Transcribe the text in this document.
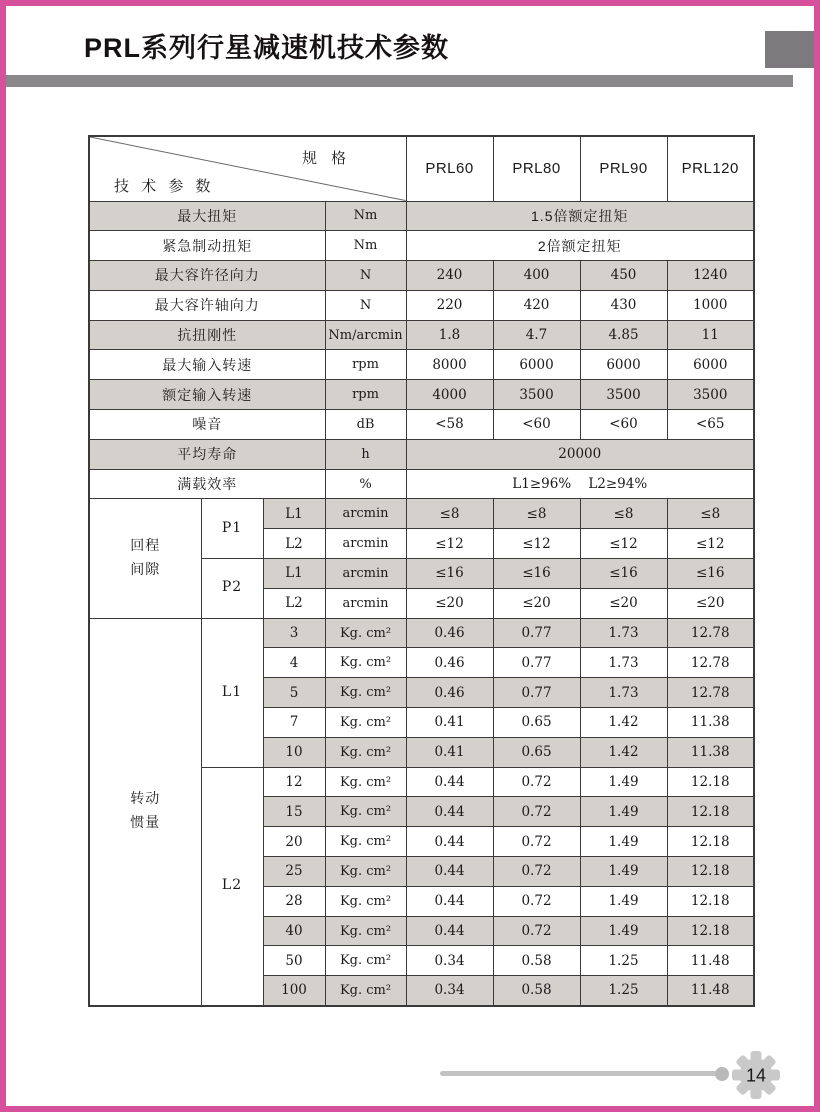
PRL系列行星减速机技术参数
规 格
技 术 参 数				PRL60	PRL80	PRL90	PRL120
最大扭矩			Nm	1.5倍额定扭矩			
紧急制动扭矩			Nm	2倍额定扭矩			
最大容许径向力			N	240	400	450	1240
最大容许轴向力			N	220	420	430	1000
抗扭刚性			Nm/arcmin	1.8	4.7	4.85	11
最大输入转速			rpm	8000	6000	6000	6000
额定输入转速			rpm	4000	3500	3500	3500
噪音			dB	<58	<60	<60	<65
平均寿命			h	20000			
满载效率			%	L1≥96%    L2≥94%			
回程
间隙	P1	L1	arcmin	≤8	≤8	≤8	≤8
		L2	arcmin	≤12	≤12	≤12	≤12
	P2	L1	arcmin	≤16	≤16	≤16	≤16
		L2	arcmin	≤20	≤20	≤20	≤20
转动
惯量	L1	3	Kg. cm²	0.46	0.77	1.73	12.78
		4	Kg. cm²	0.46	0.77	1.73	12.78
		5	Kg. cm²	0.46	0.77	1.73	12.78
		7	Kg. cm²	0.41	0.65	1.42	11.38
		10	Kg. cm²	0.41	0.65	1.42	11.38
	L2	12	Kg. cm²	0.44	0.72	1.49	12.18
		15	Kg. cm²	0.44	0.72	1.49	12.18
		20	Kg. cm²	0.44	0.72	1.49	12.18
		25	Kg. cm²	0.44	0.72	1.49	12.18
		28	Kg. cm²	0.44	0.72	1.49	12.18
		40	Kg. cm²	0.44	0.72	1.49	12.18
		50	Kg. cm²	0.34	0.58	1.25	11.48
		100	Kg. cm²	0.34	0.58	1.25	11.48
14
